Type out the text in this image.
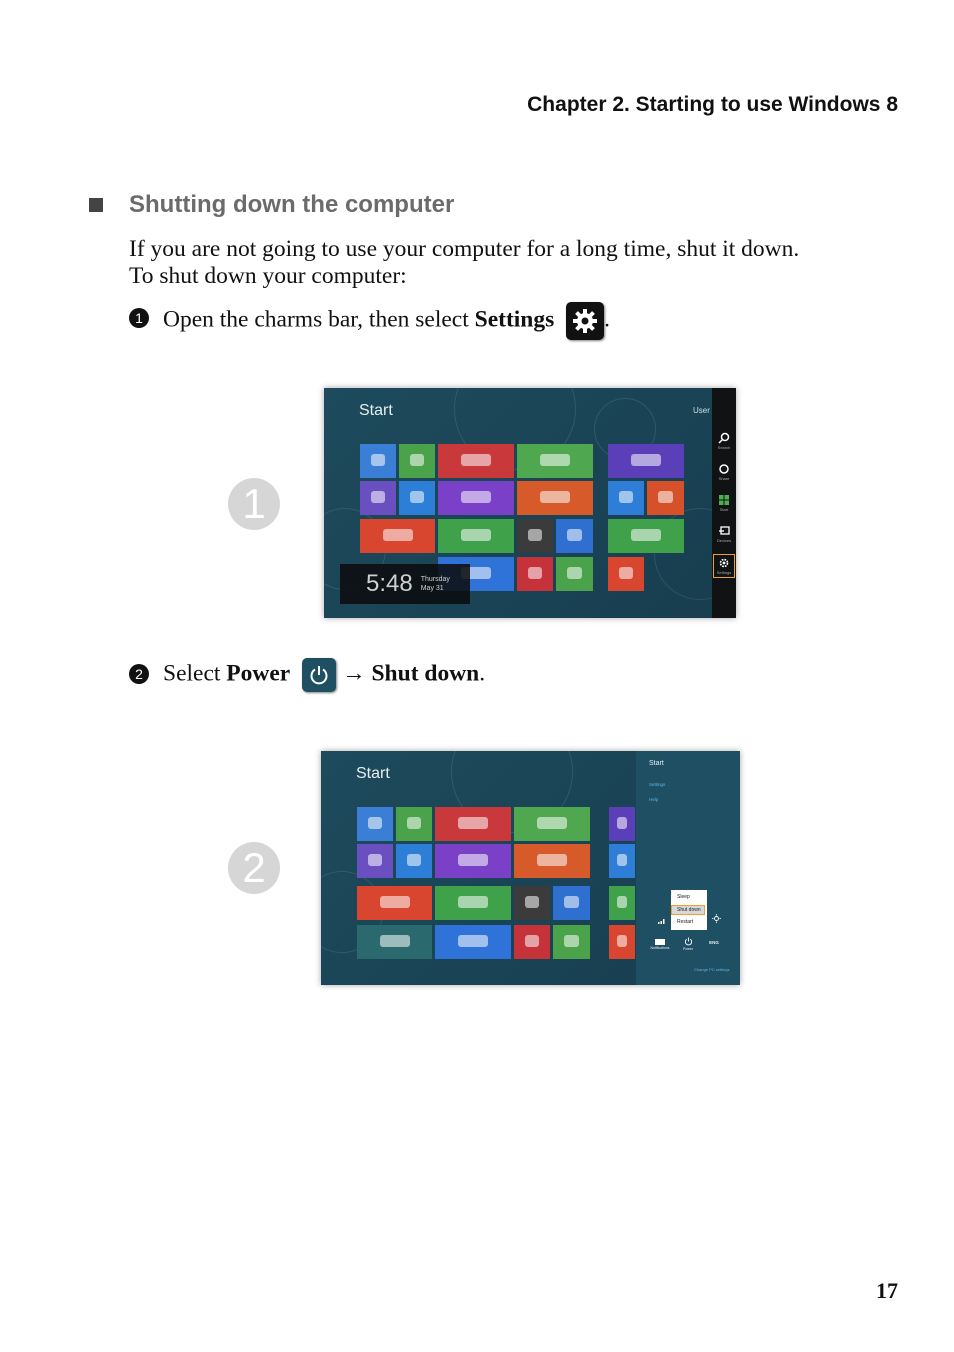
Chapter 2. Starting to use Windows 8
Shutting down the computer
If you are not going to use your computer for a long time, shut it down.
To shut down your computer:
1 Open the charms bar, then select Settings .
1
Start	User
5:48 Thursday
May 31
Search
Share
Start
Devices
Settings
2 Select Power → Shut down.
2
Start
Start
Settings
Help
Sleep
Shut down
Restart
Notifications	Power
ENG
Change PC settings
17
